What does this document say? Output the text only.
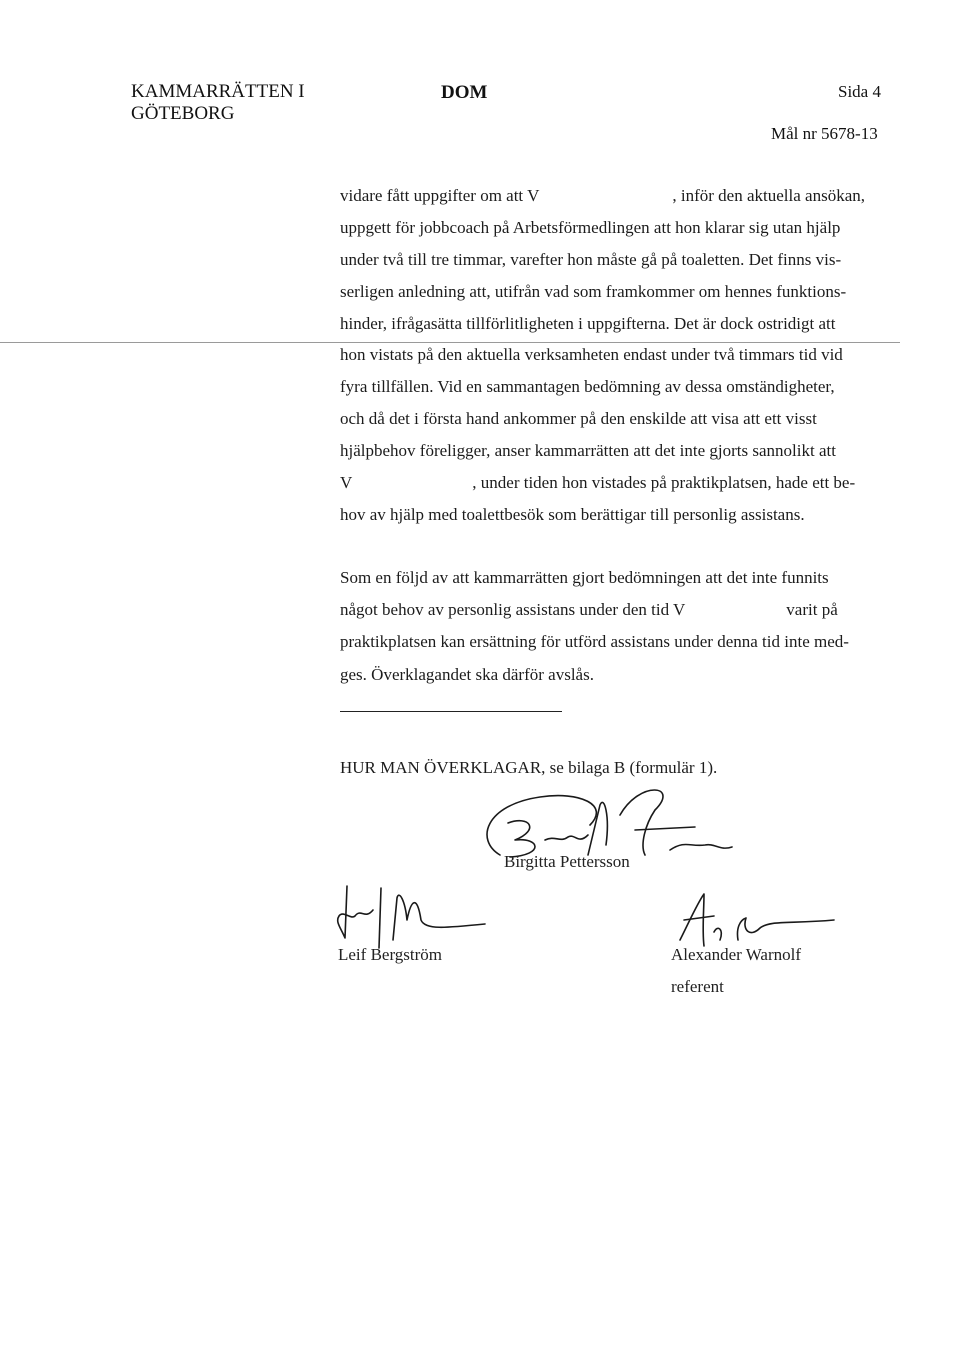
KAMMARRÄTTEN I
GÖTEBORG
DOM	Sida 4
Mål nr 5678-13
vidare fått uppgifter om att V	, inför den aktuella ansökan,
uppgett för jobbcoach på Arbetsförmedlingen att hon klarar sig utan hjälp
under två till tre timmar, varefter hon måste gå på toaletten. Det finns vis-
serligen anledning att, utifrån vad som framkommer om hennes funktions-
hinder, ifrågasätta tillförlitligheten i uppgifterna. Det är dock ostridigt att
hon vistats på den aktuella verksamheten endast under två timmars tid vid
fyra tillfällen. Vid en sammantagen bedömning av dessa omständigheter,
och då det i första hand ankommer på den enskilde att visa att ett visst
hjälpbehov föreligger, anser kammarrätten att det inte gjorts sannolikt att
V	, under tiden hon vistades på praktikplatsen, hade ett be-
hov av hjälp med toalettbesök som berättigar till personlig assistans.
Som en följd av att kammarrätten gjort bedömningen att det inte funnits
något behov av personlig assistans under den tid V	varit på
praktikplatsen kan ersättning för utförd assistans under denna tid inte med-
ges. Överklagandet ska därför avslås.
HUR MAN ÖVERKLAGAR, se bilaga B (formulär 1).
Birgitta Pettersson
Leif Bergström	Alexander Warnolf
referent
